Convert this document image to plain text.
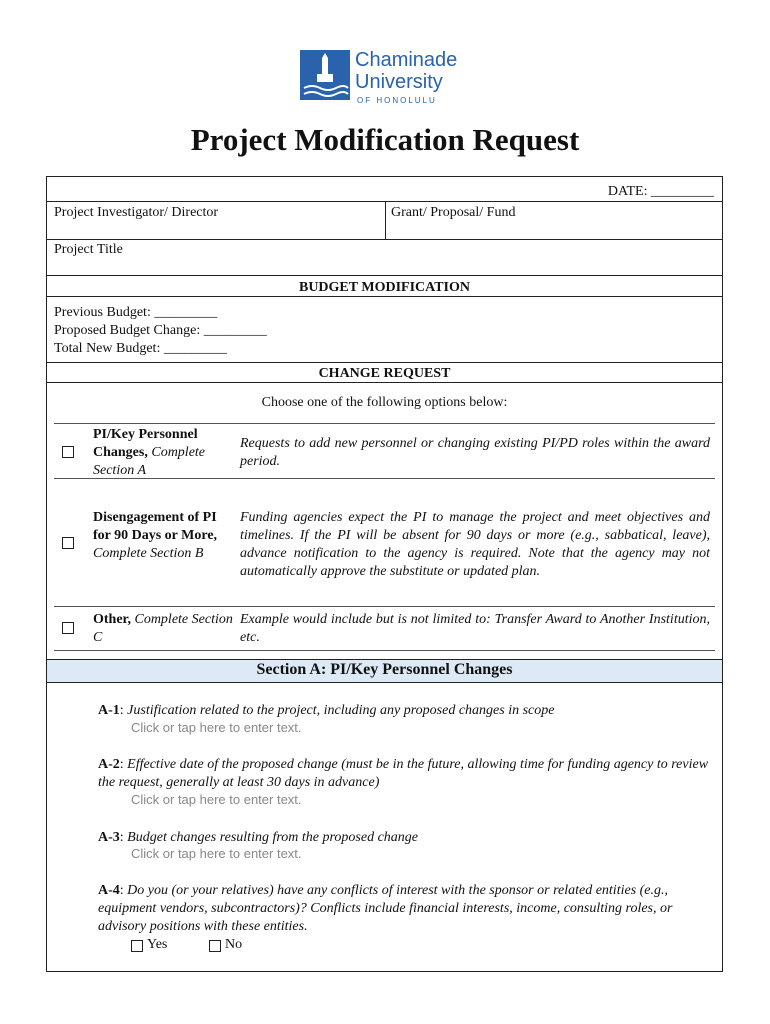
Chaminade
University
OF HONOLULU
Project Modification Request
DATE: _________
Project Investigator/ Director	Grant/ Proposal/ Fund
Project Title
BUDGET MODIFICATION
Previous Budget: _________
Proposed Budget Change: _________
Total New Budget: _________
CHANGE REQUEST
Choose one of the following options below:
PI/Key Personnel Changes, Complete Section A
Requests to add new personnel or changing existing PI/PD roles within the award period.
Disengagement of PI for 90 Days or More, Complete Section B
Funding agencies expect the PI to manage the project and meet objectives and timelines. If the PI will be absent for 90 days or more (e.g., sabbatical, leave), advance notification to the agency is required. Note that the agency may not automatically approve the substitute or updated plan.
Other, Complete Section C
Example would include but is not limited to: Transfer Award to Another Institution, etc.
Section A: PI/Key Personnel Changes
A-1: Justification related to the project, including any proposed changes in scope
Click or tap here to enter text.
A-2: Effective date of the proposed change (must be in the future, allowing time for funding agency to review the request, generally at least 30 days in advance)
Click or tap here to enter text.
A-3: Budget changes resulting from the proposed change
Click or tap here to enter text.
A-4: Do you (or your relatives) have any conflicts of interest with the sponsor or related entities (e.g., equipment vendors, subcontractors)? Conflicts include financial interests, income, consulting roles, or advisory positions with these entities.
Yes	No
